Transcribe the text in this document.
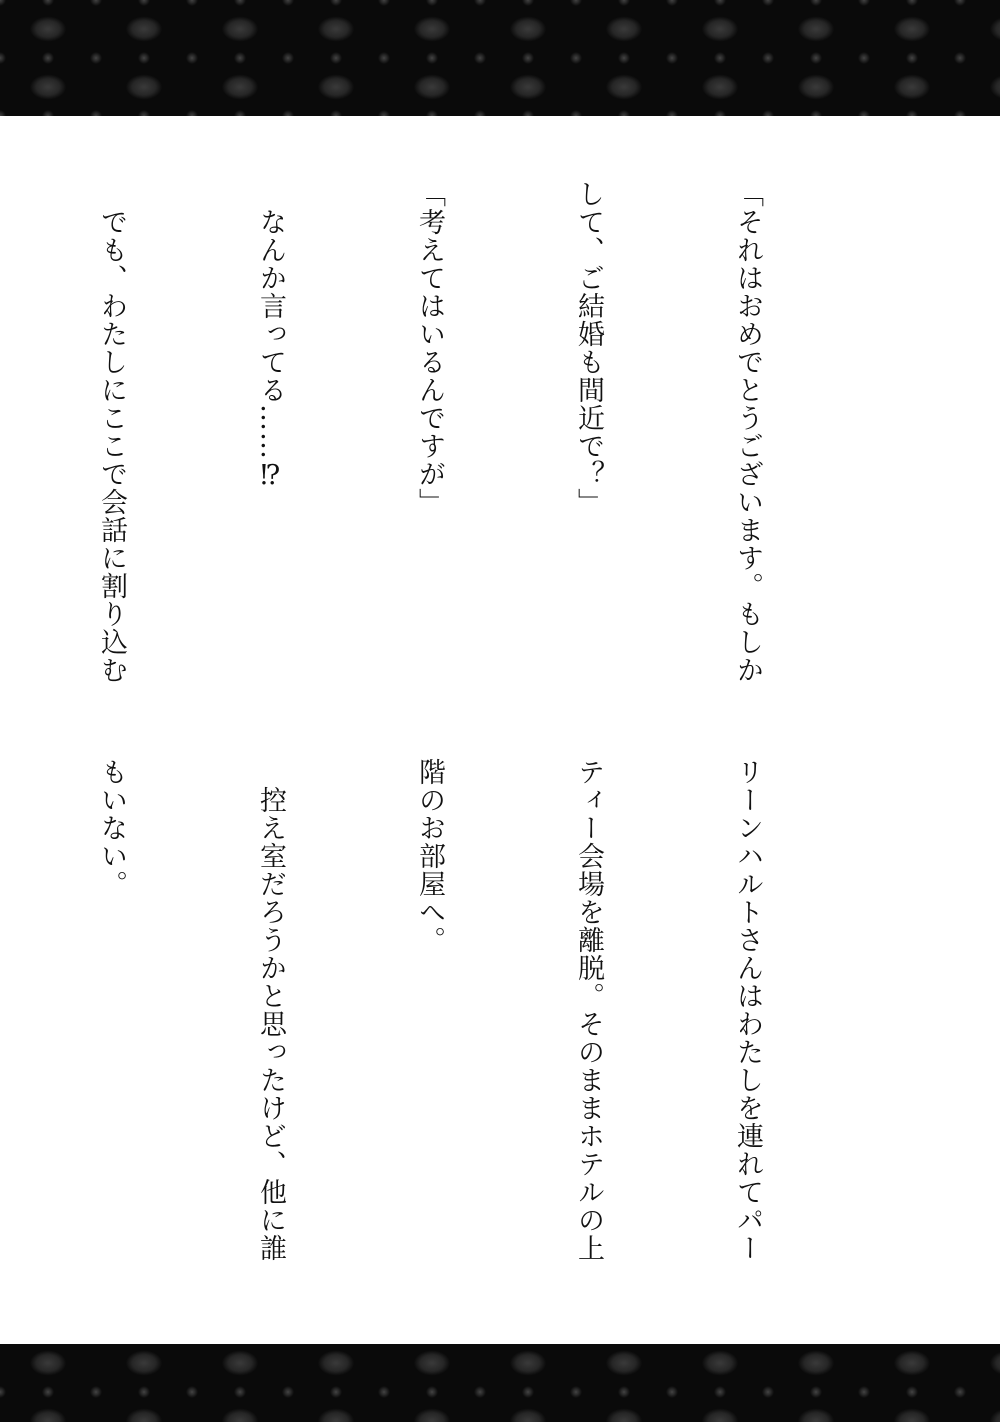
「それはおめでとうございます。もしか

して、ご結婚も間近で？」

「考えてはいるんですが」

　なんか言ってる……⁉

　でも、わたしにここで会話に割り込む

リーンハルトさんはわたしを連れてパー

ティー会場を離脱。そのままホテルの上

階のお部屋へ。

　控え室だろうかと思ったけど、他に誰

もいない。
